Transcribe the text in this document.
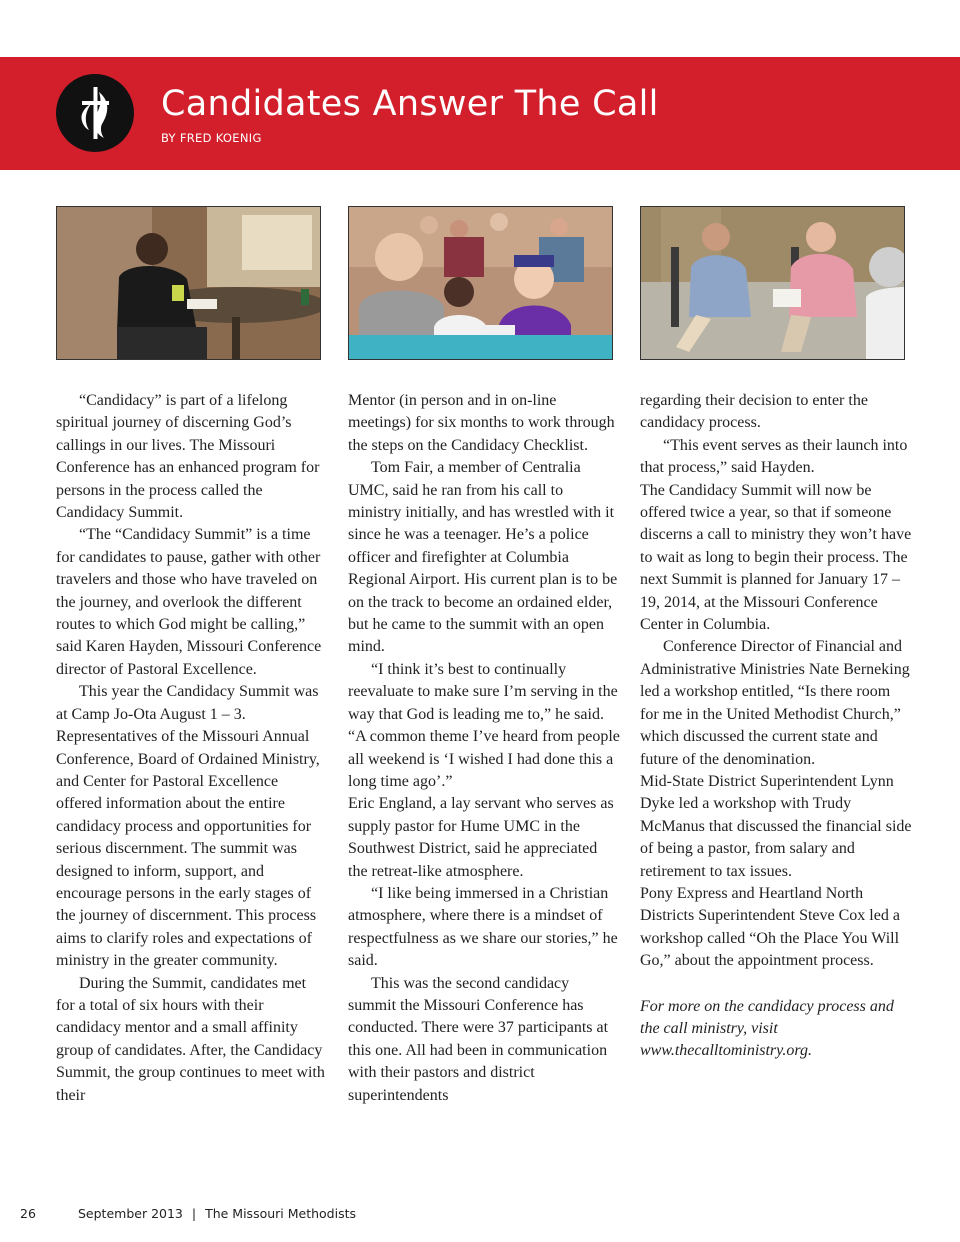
Candidates Answer The Call
BY FRED KOENIG

“Candidacy” is part of a lifelong spiritual journey of discerning God’s callings in our lives. The Missouri Conference has an enhanced program for persons in the process called the Candidacy Summit.

“The “Candidacy Summit” is a time for candidates to pause, gather with other travelers and those who have traveled on the journey, and overlook the different routes to which God might be calling,” said Karen Hayden, Missouri Conference director of Pastoral Excellence.

This year the Candidacy Summit was at Camp Jo-Ota August 1 – 3. Representatives of the Missouri Annual Conference, Board of Ordained Ministry, and Center for Pastoral Excellence offered information about the entire candidacy process and opportunities for serious discernment. The summit was designed to inform, support, and encourage persons in the early stages of the journey of discernment. This process aims to clarify roles and expectations of ministry in the greater community.

During the Summit, candidates met for a total of six hours with their candidacy mentor and a small affinity group of candidates. After, the Candidacy Summit, the group continues to meet with their

Mentor (in person and in on-line meetings) for six months to work through the steps on the Candidacy Checklist.

Tom Fair, a member of Centralia UMC, said he ran from his call to ministry initially, and has wrestled with it since he was a teenager. He’s a police officer and firefighter at Columbia Regional Airport. His current plan is to be on the track to become an ordained elder, but he came to the summit with an open mind.

“I think it’s best to continually reevaluate to make sure I’m serving in the way that God is leading me to,” he said. “A common theme I’ve heard from people all weekend is ‘I wished I had done this a long time ago’.”

Eric England, a lay servant who serves as supply pastor for Hume UMC in the Southwest District, said he appreciated the retreat-like atmosphere.

“I like being immersed in a Christian atmosphere, where there is a mindset of respectfulness as we share our stories,” he said.

This was the second candidacy summit the Missouri Conference has conducted. There were 37 participants at this one. All had been in communication with their pastors and district superintendents

regarding their decision to enter the candidacy process.

“This event serves as their launch into that process,” said Hayden.

The Candidacy Summit will now be offered twice a year, so that if someone discerns a call to ministry they won’t have to wait as long to begin their process. The next Summit is planned for January 17 – 19, 2014, at the Missouri Conference Center in Columbia.

Conference Director of Financial and Administrative Ministries Nate Berneking led a workshop entitled, “Is there room for me in the United Methodist Church,” which discussed the current state and future of the denomination.

Mid-State District Superintendent Lynn Dyke led a workshop with Trudy McManus that discussed the financial side of being a pastor, from salary and retirement to tax issues.

Pony Express and Heartland North Districts Superintendent Steve Cox led a workshop called “Oh the Place You Will Go,” about the appointment process.

For more on the candidacy process and the call ministry, visit www.thecalltoministry.org.

26	September 2013 | The Missouri Methodists
